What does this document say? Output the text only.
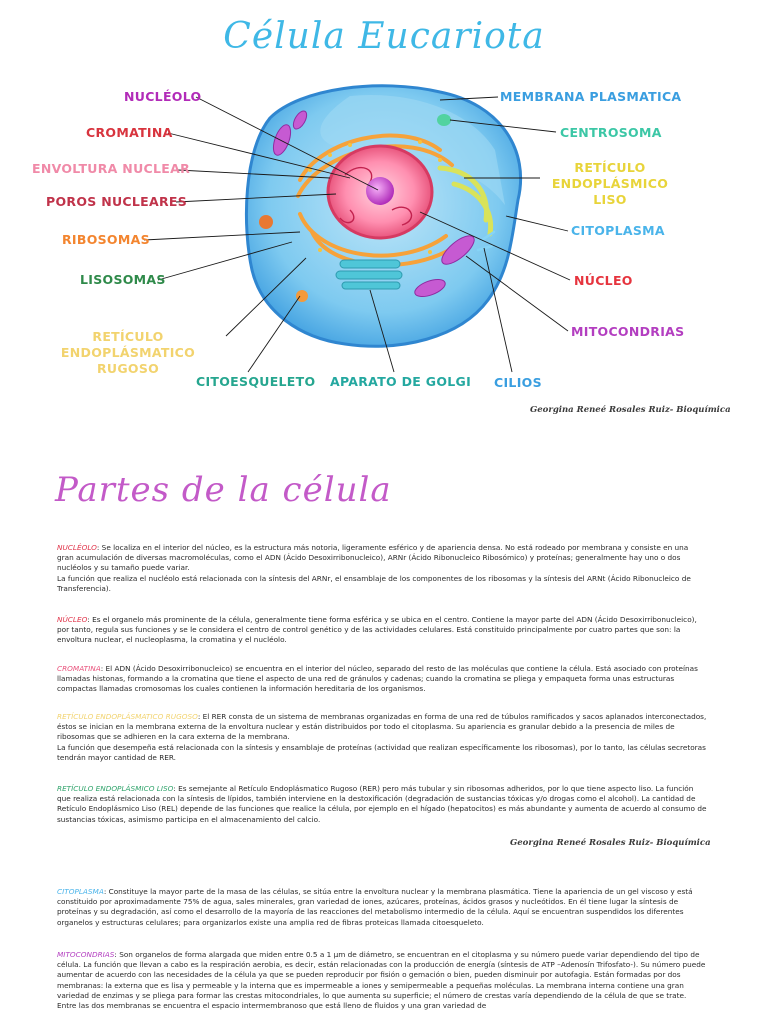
Célula Eucariota
NUCLÉOLO
CROMATINA
ENVOLTURA NUCLEAR
POROS NUCLEARES
RIBOSOMAS
LISOSOMAS
RETÍCULO ENDOPLÁSMATICO RUGOSO
CITOESQUELETO APARATO DE GOLGI CILIOS
MEMBRANA PLASMATICA
CENTROSOMA
RETÍCULO ENDOPLÁSMICO LISO
CITOPLASMA
NÚCLEO
MITOCONDRIAS
Georgina Reneé Rosales Ruiz- Bioquímica
Partes de la célula

NUCLÉOLO: Se localiza en el interior del núcleo, es la estructura más notoria, ligeramente esférico y de apariencia densa. No está rodeado por membrana y consiste en una gran acumulación de diversas macromoléculas, como el ADN (Ácido Desoxirribonucleico), ARNr (Ácido Ribonucleico Ribosómico) y proteínas; generalmente hay uno o dos nucléolos y su tamaño puede variar.

La función que realiza el nucléolo está relacionada con la síntesis del ARNr, el ensamblaje de los componentes de los ribosomas y la síntesis del ARNt (Ácido Ribonucleico de Transferencia).

NÚCLEO: Es el organelo más prominente de la célula, generalmente tiene forma esférica y se ubica en el centro. Contiene la mayor parte del ADN (Ácido Desoxirribonucleico), por tanto, regula sus funciones y se le considera el centro de control genético y de las actividades celulares. Está constituido principalmente por cuatro partes que son: la envoltura nuclear, el nucleoplasma, la cromatina y el nucléolo.

CROMATINA: El ADN (Ácido Desoxirribonucleico) se encuentra en el interior del núcleo, separado del resto de las moléculas que contiene la célula. Está asociado con proteínas llamadas histonas, formando a la cromatina que tiene el aspecto de una red de gránulos y cadenas; cuando la cromatina se pliega y empaqueta forma unas estructuras compactas llamadas cromosomas los cuales contienen la información hereditaria de los organismos.

RETÍCULO ENDOPLÁSMATICO RUGOSO: El RER consta de un sistema de membranas organizadas en forma de una red de túbulos ramificados y sacos aplanados interconectados, éstos se inician en la membrana externa de la envoltura nuclear y están distribuidos por todo el citoplasma. Su apariencia es granular debido a la presencia de miles de ribosomas que se adhieren en la cara externa de la membrana.

La función que desempeña está relacionada con la síntesis y ensamblaje de proteínas (actividad que realizan específicamente los ribosomas), por lo tanto, las células secretoras tendrán mayor cantidad de RER.

RETÍCULO ENDOPLÁSMICO LISO: Es semejante al Retículo Endoplásmatico Rugoso (RER) pero más tubular y sin ribosomas adheridos, por lo que tiene aspecto liso. La función que realiza está relacionada con la síntesis de lípidos, también interviene en la destoxificación (degradación de sustancias tóxicas y/o drogas como el alcohol). La cantidad de Retículo Endoplásmico Liso (REL) depende de las funciones que realice la célula, por ejemplo en el hígado (hepatocitos) es más abundante y aumenta de acuerdo al consumo de sustancias tóxicas, asimismo participa en el almacenamiento del calcio.

Georgina Reneé Rosales Ruiz- Bioquímica

CITOPLASMA: Constituye la mayor parte de la masa de las células, se sitúa entre la envoltura nuclear y la membrana plasmática. Tiene la apariencia de un gel viscoso y está constituido por aproximadamente 75% de agua, sales minerales, gran variedad de iones, azúcares, proteínas, ácidos grasos y nucleótidos. En él tiene lugar la síntesis de proteínas y su degradación, así como el desarrollo de la mayoría de las reacciones del metabolismo intermedio de la célula. Aquí se encuentran suspendidos los diferentes organelos y estructuras celulares; para organizarlos existe una amplia red de fibras proteicas llamada citoesqueleto.

MITOCONDRIAS: Son organelos de forma alargada que miden entre 0.5 a 1 μm de diámetro, se encuentran en el citoplasma y su número puede variar dependiendo del tipo de célula. La función que llevan a cabo es la respiración aerobia, es decir, están relacionadas con la producción de energía (síntesis de ATP –Adenosín Trifosfato-). Su número puede aumentar de acuerdo con las necesidades de la célula ya que se pueden reproducir por fisión o gemación o bien, pueden disminuir por autofagia. Están formadas por dos membranas: la externa que es lisa y permeable y la interna que es impermeable a iones y semipermeable a pequeñas moléculas. La membrana interna contiene una gran variedad de enzimas y se pliega para formar las crestas mitocondriales, lo que aumenta su superficie; el número de crestas varía dependiendo de la célula de que se trate. Entre las dos membranas se encuentra el espacio intermembranoso que está lleno de fluidos y una gran variedad de
